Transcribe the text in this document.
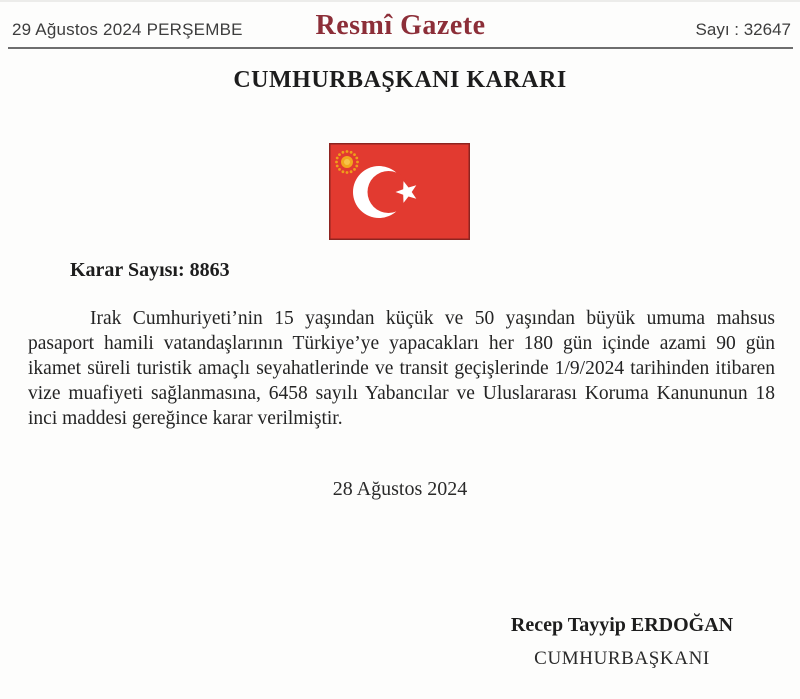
29 Ağustos 2024 PERŞEMBE	Resmî Gazete	Sayı : 32647
CUMHURBAŞKANI KARARI
Karar Sayısı: 8863
Irak Cumhuriyeti’nin 15 yaşından küçük ve 50 yaşından büyük umuma mahsus pasaport hamili vatandaşlarının Türkiye’ye yapacakları her 180 gün içinde azami 90 gün ikamet süreli turistik amaçlı seyahatlerinde ve transit geçişlerinde 1/9/2024 tarihinden itibaren vize muafiyeti sağlanmasına, 6458 sayılı Yabancılar ve Uluslararası Koruma Kanununun 18 inci maddesi gereğince karar verilmiştir.
28 Ağustos 2024
Recep Tayyip ERDOĞAN
CUMHURBAŞKANI
